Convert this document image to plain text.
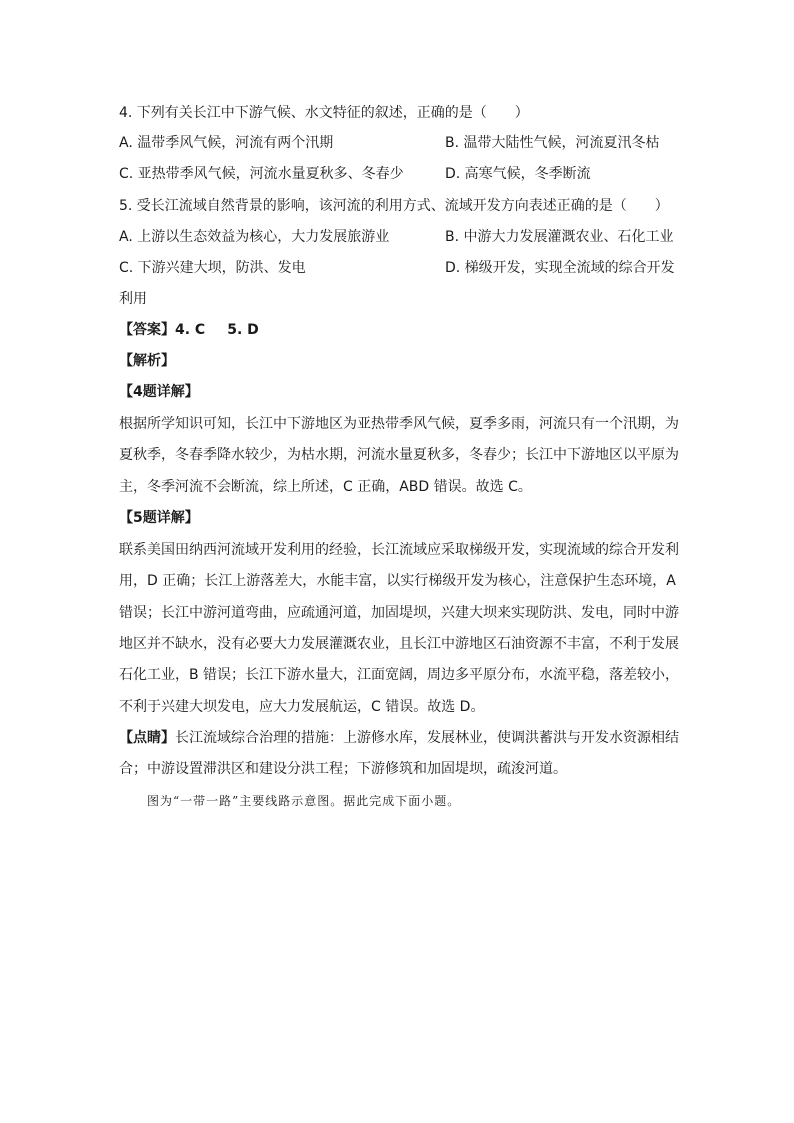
4. 下列有关长江中下游气候、水文特征的叙述，正确的是（　　）
A. 温带季风气候，河流有两个汛期	B. 温带大陆性气候，河流夏汛冬枯
C. 亚热带季风气候，河流水量夏秋多、冬春少	D. 高寒气候，冬季断流
5. 受长江流域自然背景的影响，该河流的利用方式、流域开发方向表述正确的是（　　）
A. 上游以生态效益为核心，大力发展旅游业	B. 中游大力发展灌溉农业、石化工业
C. 下游兴建大坝，防洪、发电	D. 梯级开发，实现全流域的综合开发
利用
【答案】4. C 5. D
【解析】
【4题详解】
根据所学知识可知，长江中下游地区为亚热带季风气候，夏季多雨，河流只有一个汛期，为
夏秋季，冬春季降水较少，为枯水期，河流水量夏秋多，冬春少；长江中下游地区以平原为
主，冬季河流不会断流，综上所述，C 正确，ABD 错误。故选 C。
【5题详解】
联系美国田纳西河流域开发利用的经验，长江流域应采取梯级开发，实现流域的综合开发利
用，D 正确；长江上游落差大，水能丰富，以实行梯级开发为核心，注意保护生态环境，A
错误；长江中游河道弯曲，应疏通河道，加固堤坝，兴建大坝来实现防洪、发电，同时中游
地区并不缺水，没有必要大力发展灌溉农业，且长江中游地区石油资源不丰富，不利于发展
石化工业，B 错误；长江下游水量大，江面宽阔，周边多平原分布，水流平稳，落差较小，
不利于兴建大坝发电，应大力发展航运，C 错误。故选 D。
【点睛】长江流域综合治理的措施：上游修水库，发展林业，使调洪蓄洪与开发水资源相结
合；中游设置滞洪区和建设分洪工程；下游修筑和加固堤坝，疏浚河道。
图为“一带一路”主要线路示意图。据此完成下面小题。
